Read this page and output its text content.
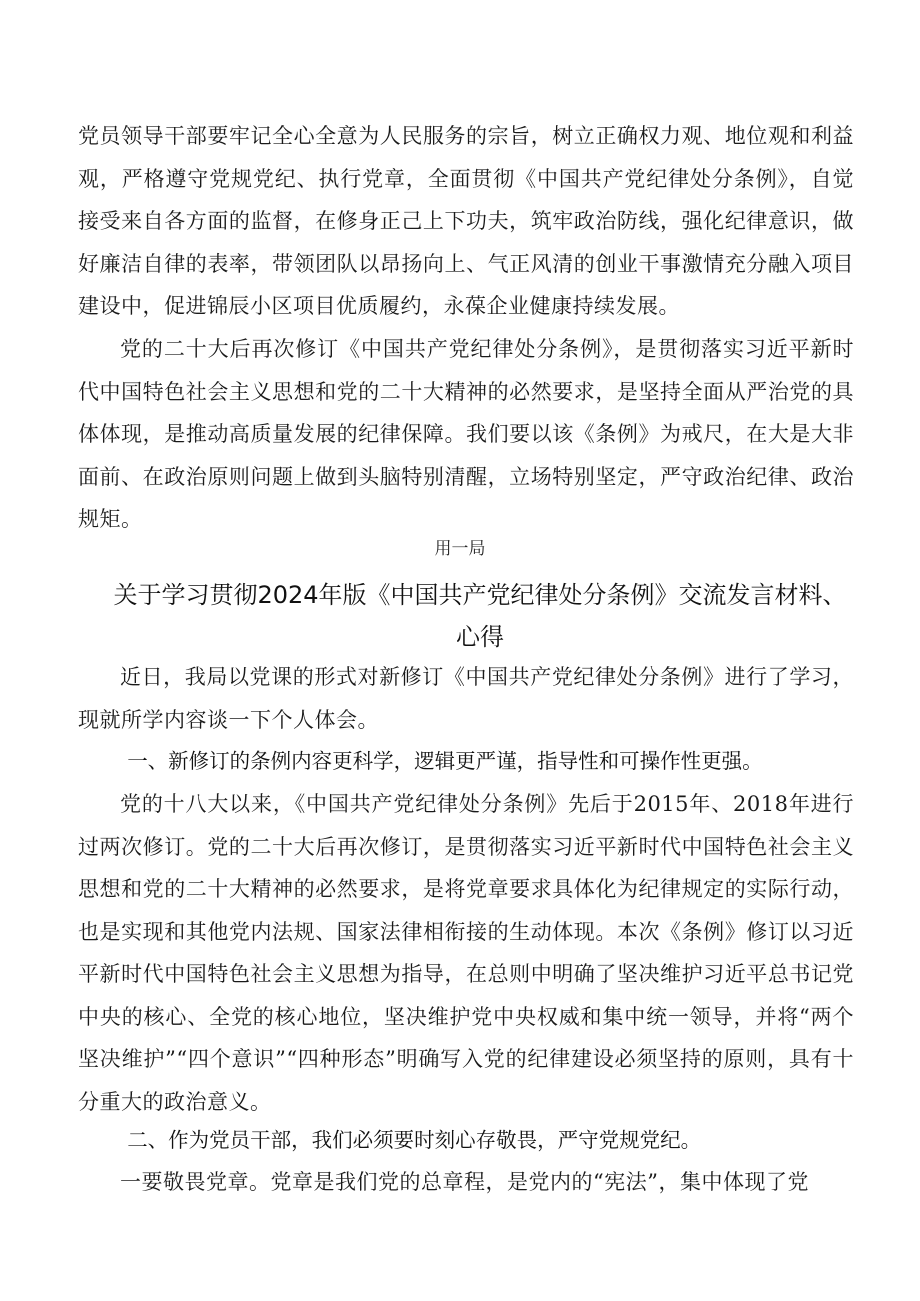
党员领导干部要牢记全心全意为人民服务的宗旨，树立正确权力观、地位观和利益观，严格遵守党规党纪、执行党章，全面贯彻《中国共产党纪律处分条例》，自觉接受来自各方面的监督，在修身正己上下功夫，筑牢政治防线，强化纪律意识，做好廉洁自律的表率，带领团队以昂扬向上、气正风清的创业干事激情充分融入项目建设中，促进锦辰小区项目优质履约，永葆企业健康持续发展。

党的二十大后再次修订《中国共产党纪律处分条例》，是贯彻落实习近平新时代中国特色社会主义思想和党的二十大精神的必然要求，是坚持全面从严治党的具体体现，是推动高质量发展的纪律保障。我们要以该《条例》为戒尺，在大是大非面前、在政治原则问题上做到头脑特别清醒，立场特别坚定，严守政治纪律、政治规矩。

用一局
关于学习贯彻2024年版《中国共产党纪律处分条例》交流发言材料、
心得

近日，我局以党课的形式对新修订《中国共产党纪律处分条例》进行了学习，现就所学内容谈一下个人体会。

一、新修订的条例内容更科学，逻辑更严谨，指导性和可操作性更强。

党的十八大以来，《中国共产党纪律处分条例》先后于2015年、2018年进行过两次修订。党的二十大后再次修订，是贯彻落实习近平新时代中国特色社会主义思想和党的二十大精神的必然要求，是将党章要求具体化为纪律规定的实际行动，也是实现和其他党内法规、国家法律相衔接的生动体现。本次《条例》修订以习近平新时代中国特色社会主义思想为指导，在总则中明确了坚决维护习近平总书记党中央的核心、全党的核心地位，坚决维护党中央权威和集中统一领导，并将“两个坚决维护”“四个意识”“四种形态”明确写入党的纪律建设必须坚持的原则，具有十分重大的政治意义。

二、作为党员干部，我们必须要时刻心存敬畏，严守党规党纪。

一要敬畏党章。党章是我们党的总章程，是党内的“宪法”，集中体现了党
